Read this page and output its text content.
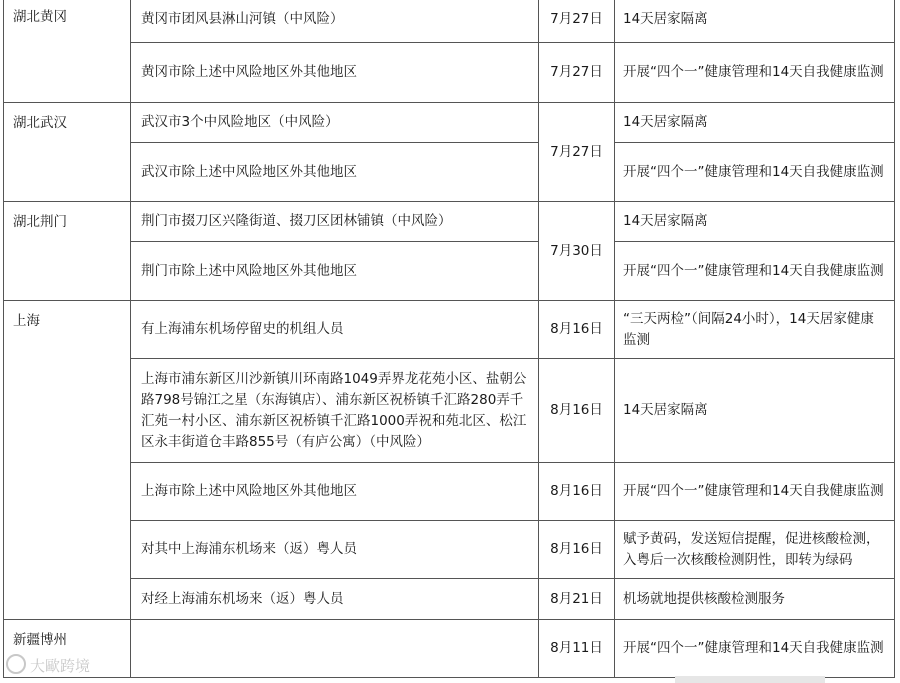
湖北黄冈	黄冈市团风县淋山河镇（中风险）	7月27日	14天居家隔离
	黄冈市除上述中风险地区外其他地区	7月27日	开展“四个一”健康管理和14天自我健康监测
湖北武汉	武汉市3个中风险地区（中风险）	7月27日	14天居家隔离
	武汉市除上述中风险地区外其他地区		开展“四个一”健康管理和14天自我健康监测
湖北荆门	荆门市掇刀区兴隆街道、掇刀区团林铺镇（中风险）	7月30日	14天居家隔离
	荆门市除上述中风险地区外其他地区		开展“四个一”健康管理和14天自我健康监测
上海	有上海浦东机场停留史的机组人员	8月16日	“三天两检”（间隔24小时），14天居家健康监测
	上海市浦东新区川沙新镇川环南路1049弄界龙花苑小区、盐朝公路798号锦江之星（东海镇店）、浦东新区祝桥镇千汇路280弄千汇苑一村小区、浦东新区祝桥镇千汇路1000弄祝和苑北区、松江区永丰街道仓丰路855号（有庐公寓）（中风险）	8月16日	14天居家隔离
	上海市除上述中风险地区外其他地区	8月16日	开展“四个一”健康管理和14天自我健康监测
	对其中上海浦东机场来（返）粤人员	8月16日	赋予黄码，发送短信提醒，促进核酸检测，入粤后一次核酸检测阴性，即转为绿码
	对经上海浦东机场来（返）粤人员	8月21日	机场就地提供核酸检测服务
新疆博州		8月11日	开展“四个一”健康管理和14天自我健康监测
大歐跨境
